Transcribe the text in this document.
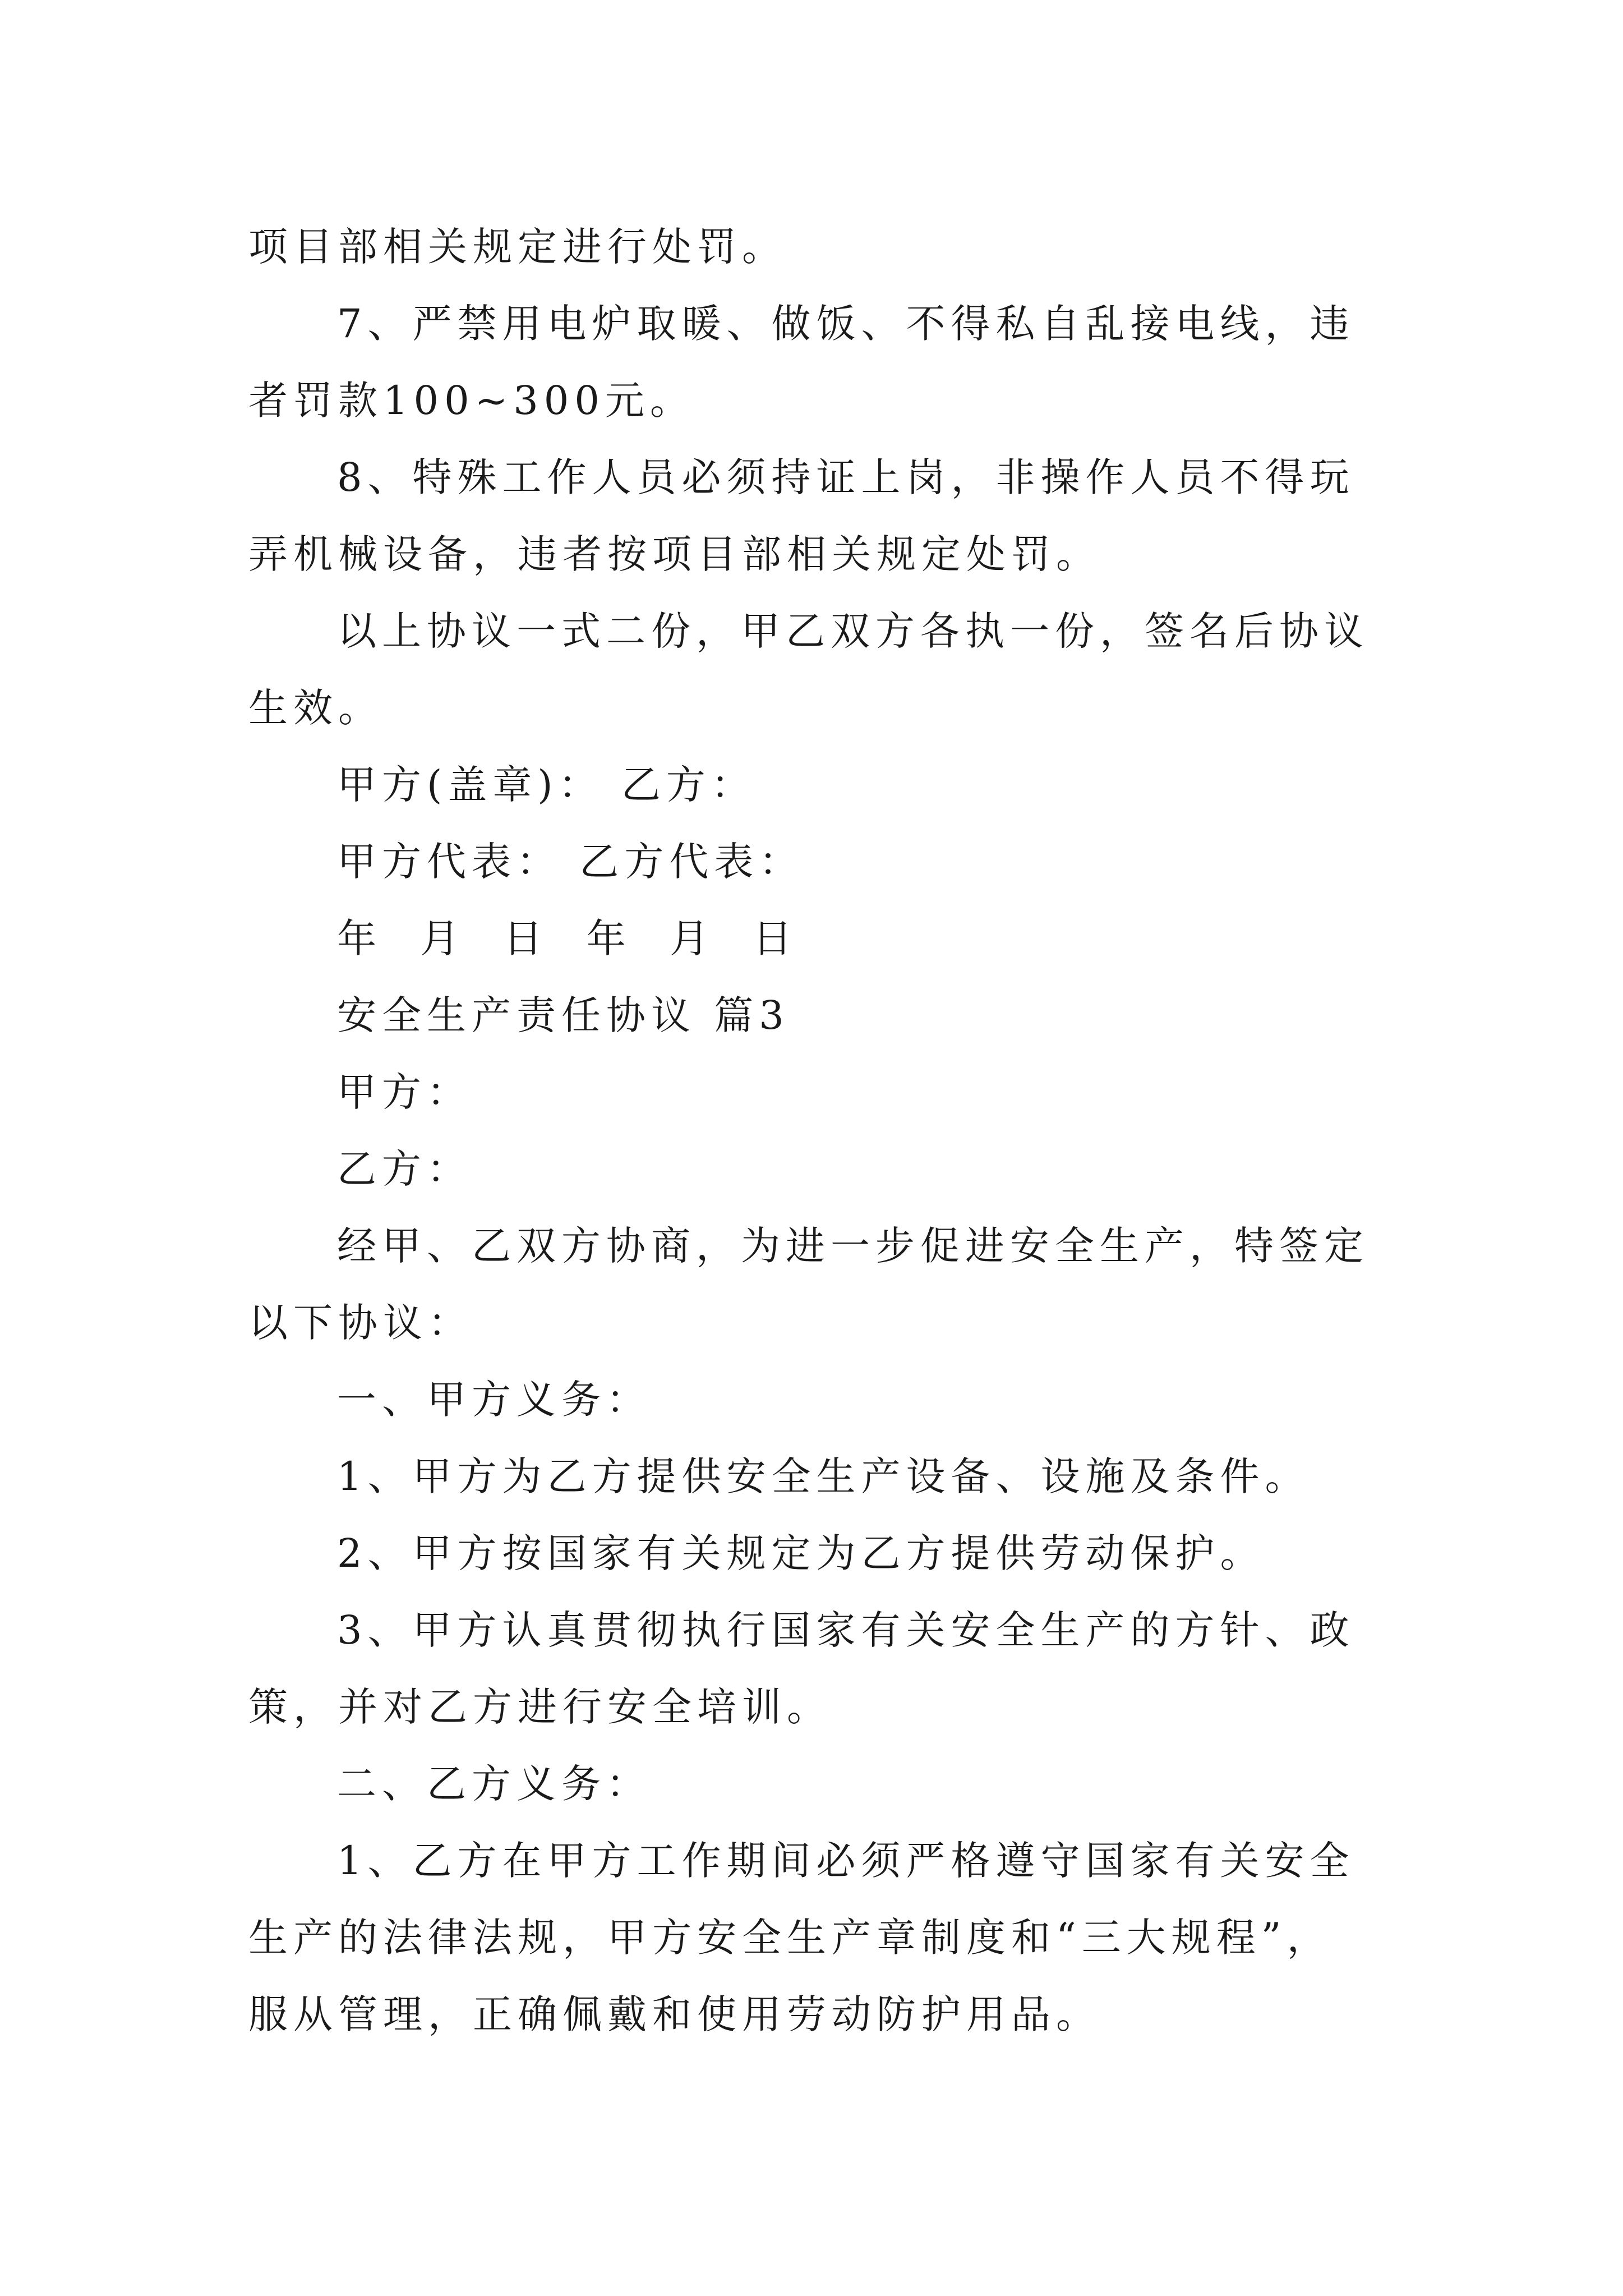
项目部相关规定进行处罚。

7、严禁用电炉取暖、做饭、不得私自乱接电线，违者罚款100~300元。

8、特殊工作人员必须持证上岗，非操作人员不得玩弄机械设备，违者按项目部相关规定处罚。

以上协议一式二份，甲乙双方各执一份，签名后协议生效。

甲方(盖章)： 乙方：

甲方代表： 乙方代表：

年 月 日 年 月 日

安全生产责任协议 篇3

甲方：

乙方：

经甲、乙双方协商，为进一步促进安全生产，特签定以下协议：

一、甲方义务：

1、甲方为乙方提供安全生产设备、设施及条件。

2、甲方按国家有关规定为乙方提供劳动保护。

3、甲方认真贯彻执行国家有关安全生产的方针、政策，并对乙方进行安全培训。

二、乙方义务：

1、乙方在甲方工作期间必须严格遵守国家有关安全生产的法律法规，甲方安全生产章制度和“三大规程”，服从管理，正确佩戴和使用劳动防护用品。
